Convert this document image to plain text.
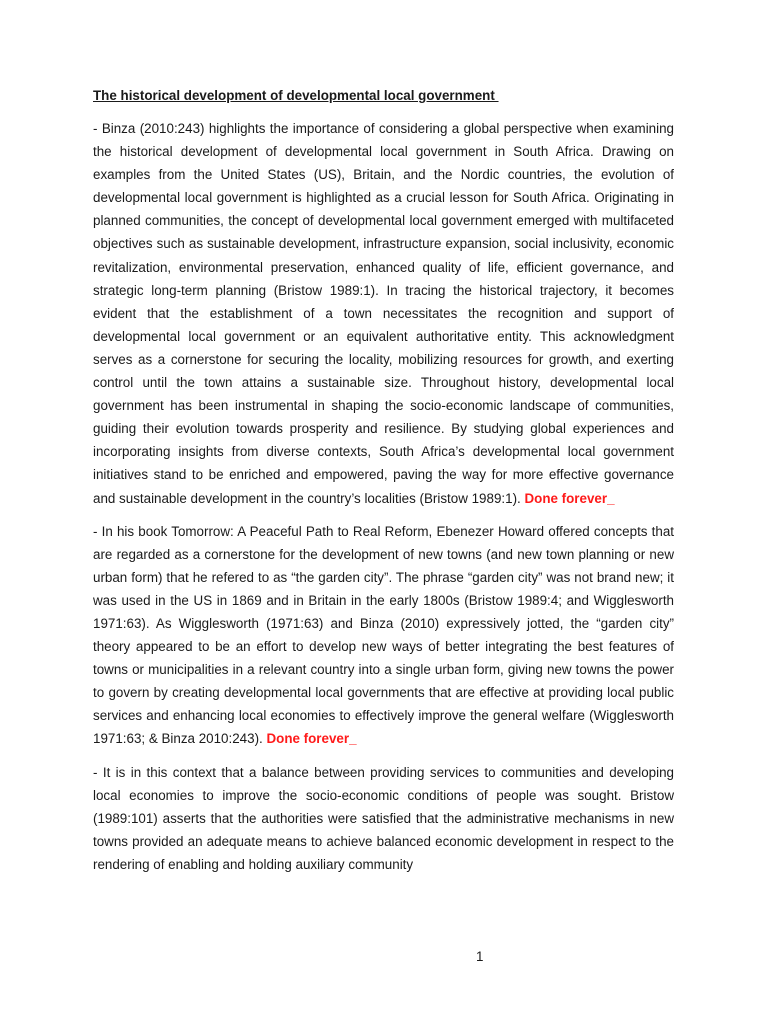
The historical development of developmental local government

- Binza (2010:243) highlights the importance of considering a global perspective when examining the historical development of developmental local government in South Africa. Drawing on examples from the United States (US), Britain, and the Nordic countries, the evolution of developmental local government is highlighted as a crucial lesson for South Africa. Originating in planned communities, the concept of developmental local government emerged with multifaceted objectives such as sustainable development, infrastructure expansion, social inclusivity, economic revitalization, environmental preservation, enhanced quality of life, efficient governance, and strategic long-term planning (Bristow 1989:1). In tracing the historical trajectory, it becomes evident that the establishment of a town necessitates the recognition and support of developmental local government or an equivalent authoritative entity. This acknowledgment serves as a cornerstone for securing the locality, mobilizing resources for growth, and exerting control until the town attains a sustainable size. Throughout history, developmental local government has been instrumental in shaping the socio-economic landscape of communities, guiding their evolution towards prosperity and resilience. By studying global experiences and incorporating insights from diverse contexts, South Africa’s developmental local government initiatives stand to be enriched and empowered, paving the way for more effective governance and sustainable development in the country’s localities (Bristow 1989:1). Done forever_

- In his book Tomorrow: A Peaceful Path to Real Reform, Ebenezer Howard offered concepts that are regarded as a cornerstone for the development of new towns (and new town planning or new urban form) that he refered to as “the garden city”. The phrase “garden city” was not brand new; it was used in the US in 1869 and in Britain in the early 1800s (Bristow 1989:4; and Wigglesworth 1971:63). As Wigglesworth (1971:63) and Binza (2010) expressively jotted, the “garden city” theory appeared to be an effort to develop new ways of better integrating the best features of towns or municipalities in a relevant country into a single urban form, giving new towns the power to govern by creating developmental local governments that are effective at providing local public services and enhancing local economies to effectively improve the general welfare (Wigglesworth 1971:63; & Binza 2010:243). Done forever_

- It is in this context that a balance between providing services to communities and developing local economies to improve the socio-economic conditions of people was sought. Bristow (1989:101) asserts that the authorities were satisfied that the administrative mechanisms in new towns provided an adequate means to achieve balanced economic development in respect to the rendering of enabling and holding auxiliary community

1
